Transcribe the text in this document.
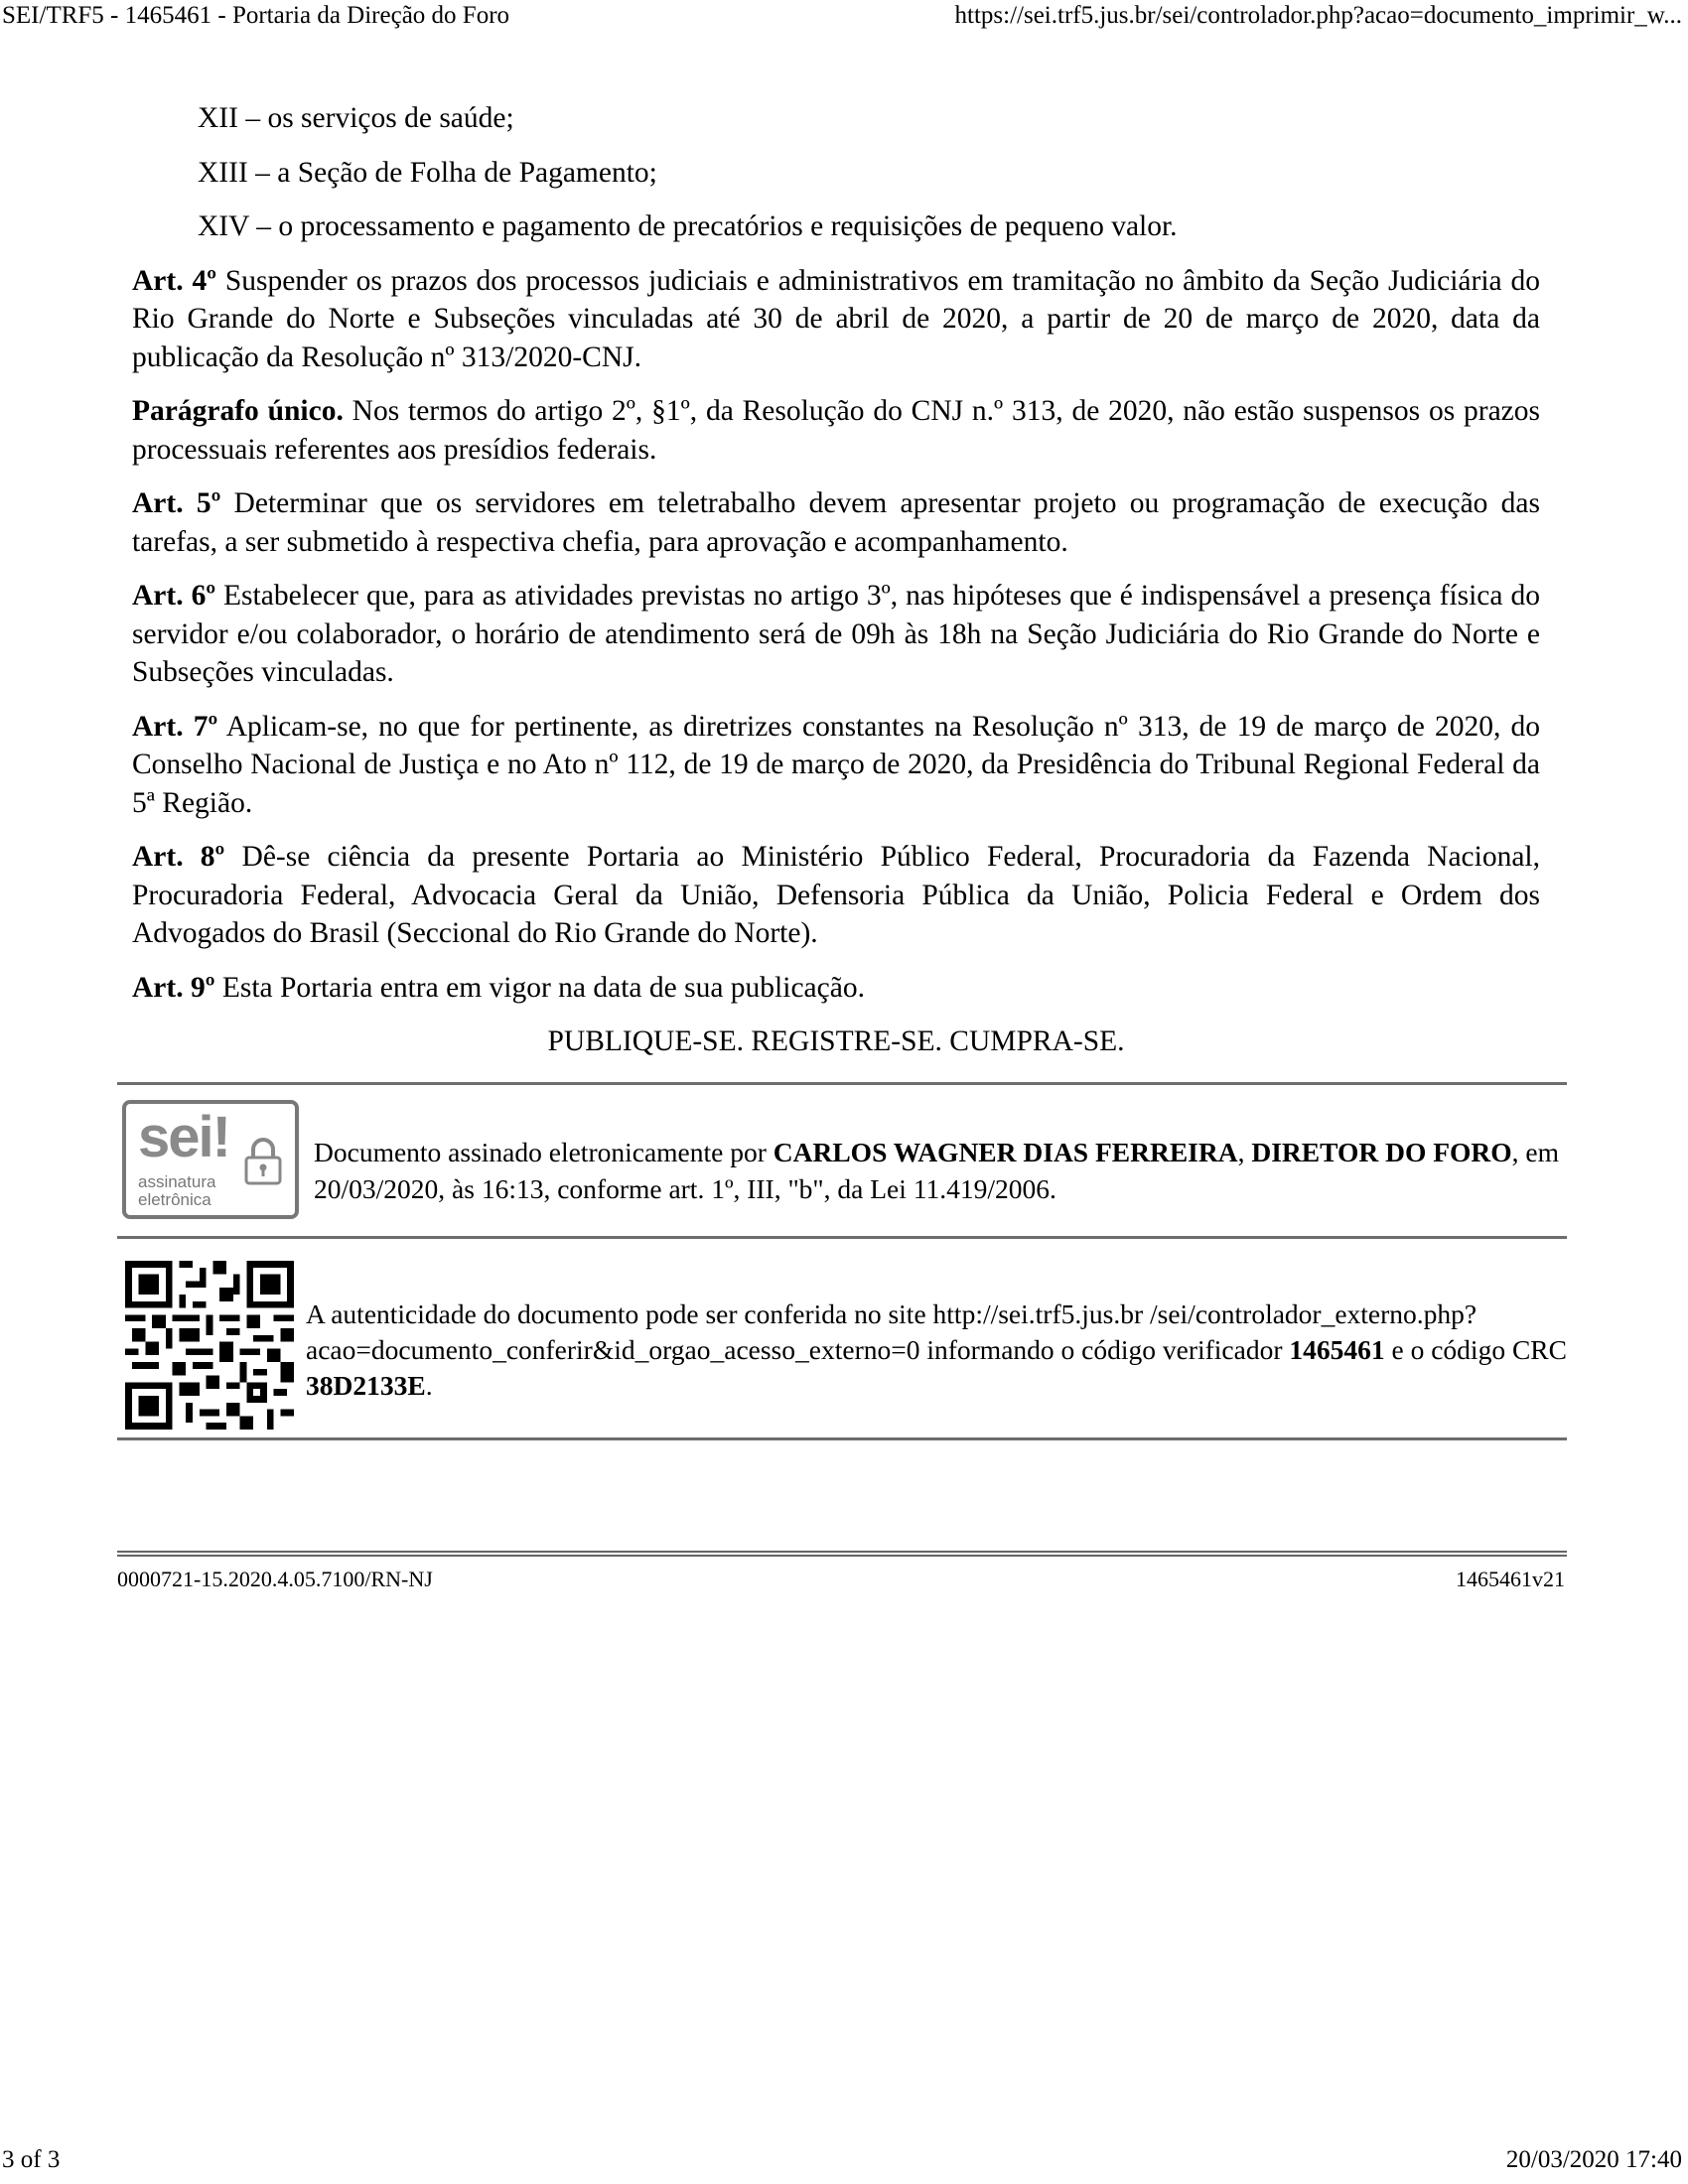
SEI/TRF5 - 1465461 - Portaria da Direção do Foro	https://sei.trf5.jus.br/sei/controlador.php?acao=documento_imprimir_w...

XII – os serviços de saúde;

XIII – a Seção de Folha de Pagamento;

XIV – o processamento e pagamento de precatórios e requisições de pequeno valor.

Art. 4º Suspender os prazos dos processos judiciais e administrativos em tramitação no âmbito da Seção Judiciária do Rio Grande do Norte e Subseções vinculadas até 30 de abril de 2020, a partir de 20 de março de 2020, data da publicação da Resolução nº 313/2020-CNJ.

Parágrafo único. Nos termos do artigo 2º, §1º, da Resolução do CNJ n.º 313, de 2020, não estão suspensos os prazos processuais referentes aos presídios federais.

Art. 5º Determinar que os servidores em teletrabalho devem apresentar projeto ou programação de execução das tarefas, a ser submetido à respectiva chefia, para aprovação e acompanhamento.

Art. 6º Estabelecer que, para as atividades previstas no artigo 3º, nas hipóteses que é indispensável a presença física do servidor e/ou colaborador, o horário de atendimento será de 09h às 18h na Seção Judiciária do Rio Grande do Norte e Subseções vinculadas.

Art. 7º Aplicam-se, no que for pertinente, as diretrizes constantes na Resolução nº 313, de 19 de março de 2020, do Conselho Nacional de Justiça e no Ato nº 112, de 19 de março de 2020, da Presidência do Tribunal Regional Federal da 5ª Região.

Art. 8º Dê-se ciência da presente Portaria ao Ministério Público Federal, Procuradoria da Fazenda Nacional, Procuradoria Federal, Advocacia Geral da União, Defensoria Pública da União, Policia Federal e Ordem dos Advogados do Brasil (Seccional do Rio Grande do Norte).

Art. 9º Esta Portaria entra em vigor na data de sua publicação.

PUBLIQUE-SE. REGISTRE-SE. CUMPRA-SE.

sei!
assinatura
eletrônica
Documento assinado eletronicamente por CARLOS WAGNER DIAS FERREIRA, DIRETOR DO FORO, em 20/03/2020, às 16:13, conforme art. 1º, III, "b", da Lei 11.419/2006.
A autenticidade do documento pode ser conferida no site http://sei.trf5.jus.br /sei/controlador_externo.php?acao=documento_conferir&id_orgao_acesso_externo=0 informando o código verificador 1465461 e o código CRC 38D2133E.
0000721-15.2020.4.05.7100/RN-NJ	1465461v21
3 of 3	20/03/2020 17:40
